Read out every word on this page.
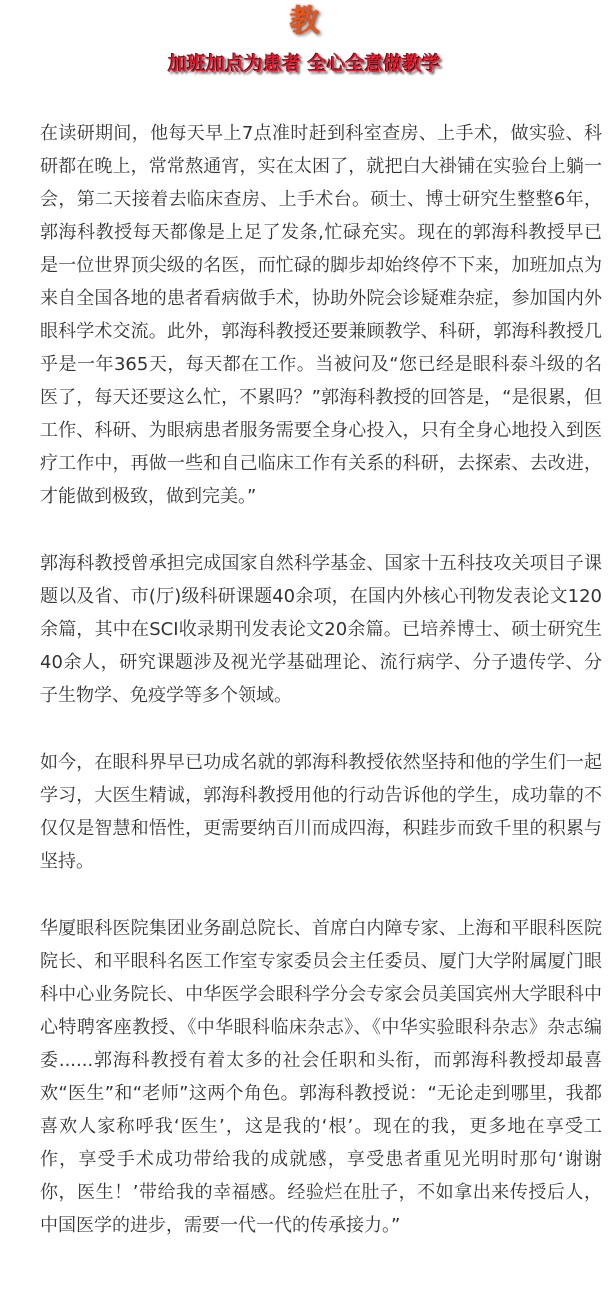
教
加班加点为患者 全心全意做教学

在读研期间，他每天早上7点准时赶到科室查房、上手术，做实验、科研都在晚上，常常熬通宵，实在太困了，就把白大褂铺在实验台上躺一会，第二天接着去临床查房、上手术台。硕士、博士研究生整整6年，郭海科教授每天都像是上足了发条,忙碌充实。现在的郭海科教授早已是一位世界顶尖级的名医，而忙碌的脚步却始终停不下来，加班加点为来自全国各地的患者看病做手术，协助外院会诊疑难杂症，参加国内外眼科学术交流。此外，郭海科教授还要兼顾教学、科研，郭海科教授几乎是一年365天，每天都在工作。当被问及“您已经是眼科泰斗级的名医了，每天还要这么忙，不累吗？”郭海科教授的回答是，“是很累，但工作、科研、为眼病患者服务需要全身心投入，只有全身心地投入到医疗工作中，再做一些和自己临床工作有关系的科研，去探索、去改进，才能做到极致，做到完美。”

郭海科教授曾承担完成国家自然科学基金、国家十五科技攻关项目子课题以及省、市(厅)级科研课题40余项，在国内外核心刊物发表论文120余篇，其中在SCI收录期刊发表论文20余篇。已培养博士、硕士研究生40余人，研究课题涉及视光学基础理论、流行病学、分子遗传学、分子生物学、免疫学等多个领域。

如今，在眼科界早已功成名就的郭海科教授依然坚持和他的学生们一起学习，大医生精诚，郭海科教授用他的行动告诉他的学生，成功靠的不仅仅是智慧和悟性，更需要纳百川而成四海，积跬步而致千里的积累与坚持。

华厦眼科医院集团业务副总院长、首席白内障专家、上海和平眼科医院院长、和平眼科名医工作室专家委员会主任委员、厦门大学附属厦门眼科中心业务院长、中华医学会眼科学分会专家会员美国宾州大学眼科中心特聘客座教授、《中华眼科临床杂志》、《中华实验眼科杂志》杂志编委......郭海科教授有着太多的社会任职和头衔，而郭海科教授却最喜欢“医生”和“老师”这两个角色。郭海科教授说：“无论走到哪里，我都喜欢人家称呼我‘医生’，这是我的‘根’。现在的我，更多地在享受工作，享受手术成功带给我的成就感，享受患者重见光明时那句‘谢谢你，医生！’带给我的幸福感。经验烂在肚子，不如拿出来传授后人，中国医学的进步，需要一代一代的传承接力。”
